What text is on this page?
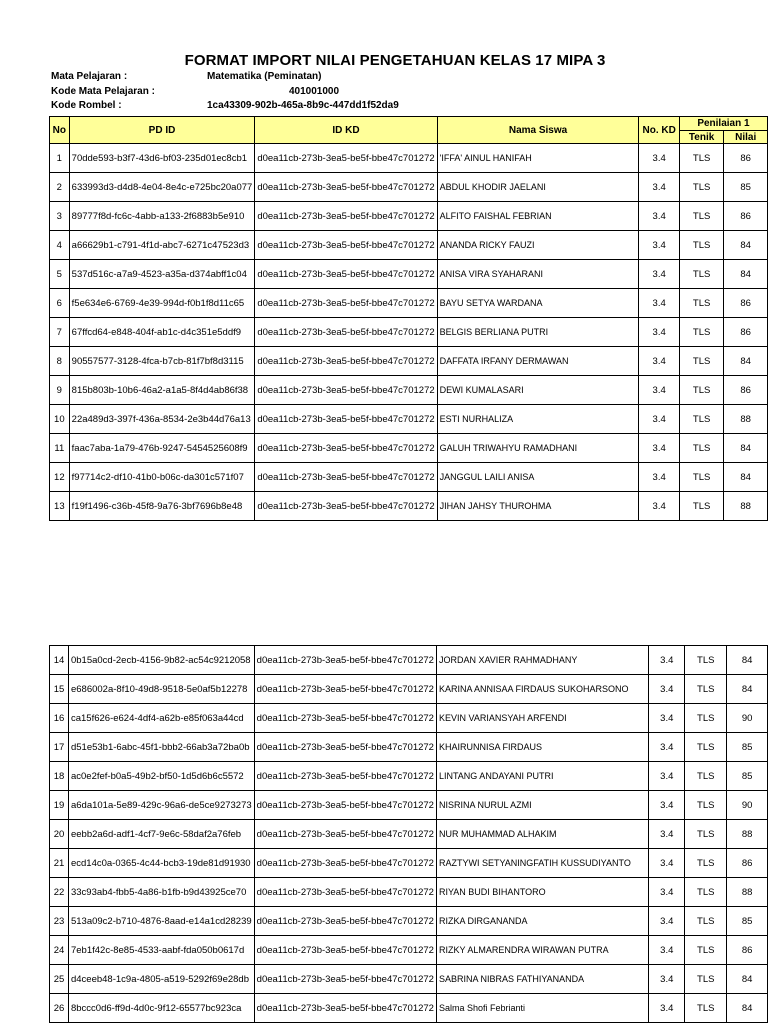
FORMAT IMPORT NILAI PENGETAHUAN KELAS 17 MIPA 3
Mata Pelajaran :	Matematika (Peminatan)
Kode Mata Pelajaran :	401001000
Kode Rombel :	1ca43309-902b-465a-8b9c-447dd1f52da9
No	PD ID	ID KD	Nama Siswa	No. KD	Penilaian 1	
					Tenik	Nilai
1	70dde593-b3f7-43d6-bf03-235d01ec8cb1	d0ea11cb-273b-3ea5-be5f-bbe47c701272	'IFFA' AINUL HANIFAH	3.4	TLS	86
2	633993d3-d4d8-4e04-8e4c-e725bc20a077	d0ea11cb-273b-3ea5-be5f-bbe47c701272	ABDUL KHODIR JAELANI	3.4	TLS	85
3	89777f8d-fc6c-4abb-a133-2f6883b5e910	d0ea11cb-273b-3ea5-be5f-bbe47c701272	ALFITO FAISHAL FEBRIAN	3.4	TLS	86
4	a66629b1-c791-4f1d-abc7-6271c47523d3	d0ea11cb-273b-3ea5-be5f-bbe47c701272	ANANDA RICKY FAUZI	3.4	TLS	84
5	537d516c-a7a9-4523-a35a-d374abff1c04	d0ea11cb-273b-3ea5-be5f-bbe47c701272	ANISA VIRA SYAHARANI	3.4	TLS	84
6	f5e634e6-6769-4e39-994d-f0b1f8d11c65	d0ea11cb-273b-3ea5-be5f-bbe47c701272	BAYU SETYA WARDANA	3.4	TLS	86
7	67ffcd64-e848-404f-ab1c-d4c351e5ddf9	d0ea11cb-273b-3ea5-be5f-bbe47c701272	BELGIS BERLIANA PUTRI	3.4	TLS	86
8	90557577-3128-4fca-b7cb-81f7bf8d3115	d0ea11cb-273b-3ea5-be5f-bbe47c701272	DAFFATA IRFANY DERMAWAN	3.4	TLS	84
9	815b803b-10b6-46a2-a1a5-8f4d4ab86f38	d0ea11cb-273b-3ea5-be5f-bbe47c701272	DEWI KUMALASARI	3.4	TLS	86
10	22a489d3-397f-436a-8534-2e3b44d76a13	d0ea11cb-273b-3ea5-be5f-bbe47c701272	ESTI NURHALIZA	3.4	TLS	88
11	faac7aba-1a79-476b-9247-5454525608f9	d0ea11cb-273b-3ea5-be5f-bbe47c701272	GALUH TRIWAHYU RAMADHANI	3.4	TLS	84
12	f97714c2-df10-41b0-b06c-da301c571f07	d0ea11cb-273b-3ea5-be5f-bbe47c701272	JANGGUL LAILI ANISA	3.4	TLS	84
13	f19f1496-c36b-45f8-9a76-3bf7696b8e48	d0ea11cb-273b-3ea5-be5f-bbe47c701272	JIHAN JAHSY THUROHMA	3.4	TLS	88
14	0b15a0cd-2ecb-4156-9b82-ac54c9212058	d0ea11cb-273b-3ea5-be5f-bbe47c701272	JORDAN XAVIER RAHMADHANY	3.4	TLS	84
15	e686002a-8f10-49d8-9518-5e0af5b12278	d0ea11cb-273b-3ea5-be5f-bbe47c701272	KARINA ANNISAA FIRDAUS SUKOHARSONO	3.4	TLS	84
16	ca15f626-e624-4df4-a62b-e85f063a44cd	d0ea11cb-273b-3ea5-be5f-bbe47c701272	KEVIN VARIANSYAH ARFENDI	3.4	TLS	90
17	d51e53b1-6abc-45f1-bbb2-66ab3a72ba0b	d0ea11cb-273b-3ea5-be5f-bbe47c701272	KHAIRUNNISA FIRDAUS	3.4	TLS	85
18	ac0e2fef-b0a5-49b2-bf50-1d5d6b6c5572	d0ea11cb-273b-3ea5-be5f-bbe47c701272	LINTANG ANDAYANI PUTRI	3.4	TLS	85
19	a6da101a-5e89-429c-96a6-de5ce9273273	d0ea11cb-273b-3ea5-be5f-bbe47c701272	NISRINA NURUL AZMI	3.4	TLS	90
20	eebb2a6d-adf1-4cf7-9e6c-58daf2a76feb	d0ea11cb-273b-3ea5-be5f-bbe47c701272	NUR MUHAMMAD ALHAKIM	3.4	TLS	88
21	ecd14c0a-0365-4c44-bcb3-19de81d91930	d0ea11cb-273b-3ea5-be5f-bbe47c701272	RAZTYWI SETYANINGFATIH KUSSUDIYANTO	3.4	TLS	86
22	33c93ab4-fbb5-4a86-b1fb-b9d43925ce70	d0ea11cb-273b-3ea5-be5f-bbe47c701272	RIYAN BUDI BIHANTORO	3.4	TLS	88
23	513a09c2-b710-4876-8aad-e14a1cd28239	d0ea11cb-273b-3ea5-be5f-bbe47c701272	RIZKA DIRGANANDA	3.4	TLS	85
24	7eb1f42c-8e85-4533-aabf-fda050b0617d	d0ea11cb-273b-3ea5-be5f-bbe47c701272	RIZKY ALMARENDRA WIRAWAN PUTRA	3.4	TLS	86
25	d4ceeb48-1c9a-4805-a519-5292f69e28db	d0ea11cb-273b-3ea5-be5f-bbe47c701272	SABRINA NIBRAS FATHIYANANDA	3.4	TLS	84
26	8bccc0d6-ff9d-4d0c-9f12-65577bc923ca	d0ea11cb-273b-3ea5-be5f-bbe47c701272	Salma Shofi Febrianti	3.4	TLS	84
